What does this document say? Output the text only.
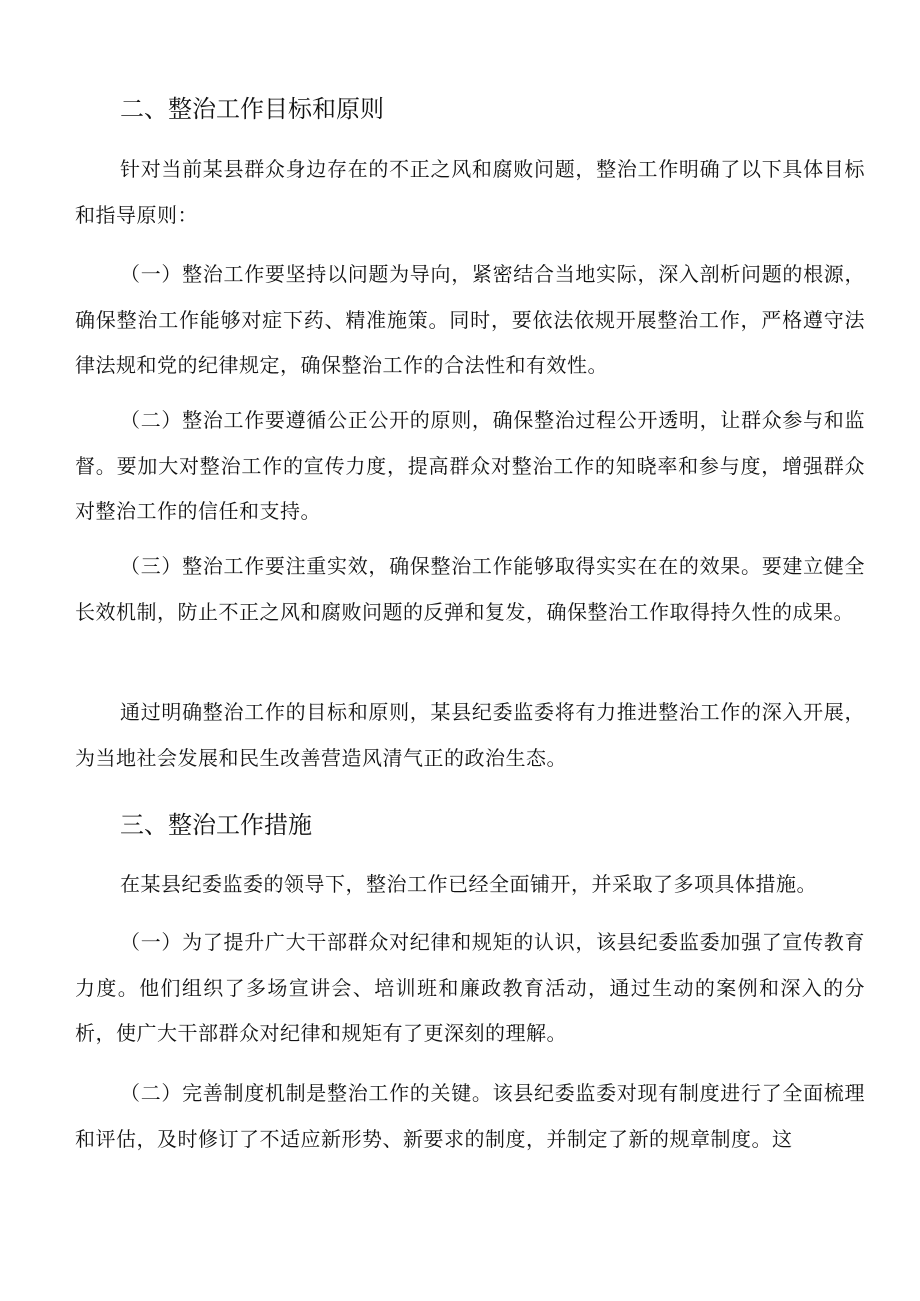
二、整治工作目标和原则

针对当前某县群众身边存在的不正之风和腐败问题，整治工作明确了以下具体目标和指导原则：

（一）整治工作要坚持以问题为导向，紧密结合当地实际，深入剖析问题的根源，确保整治工作能够对症下药、精准施策。同时，要依法依规开展整治工作，严格遵守法律法规和党的纪律规定，确保整治工作的合法性和有效性。

（二）整治工作要遵循公正公开的原则，确保整治过程公开透明，让群众参与和监督。要加大对整治工作的宣传力度，提高群众对整治工作的知晓率和参与度，增强群众对整治工作的信任和支持。

（三）整治工作要注重实效，确保整治工作能够取得实实在在的效果。要建立健全长效机制，防止不正之风和腐败问题的反弹和复发，确保整治工作取得持久性的成果。

通过明确整治工作的目标和原则，某县纪委监委将有力推进整治工作的深入开展，为当地社会发展和民生改善营造风清气正的政治生态。

三、整治工作措施

在某县纪委监委的领导下，整治工作已经全面铺开，并采取了多项具体措施。

（一）为了提升广大干部群众对纪律和规矩的认识，该县纪委监委加强了宣传教育力度。他们组织了多场宣讲会、培训班和廉政教育活动，通过生动的案例和深入的分析，使广大干部群众对纪律和规矩有了更深刻的理解。

（二）完善制度机制是整治工作的关键。该县纪委监委对现有制度进行了全面梳理和评估，及时修订了不适应新形势、新要求的制度，并制定了新的规章制度。这
